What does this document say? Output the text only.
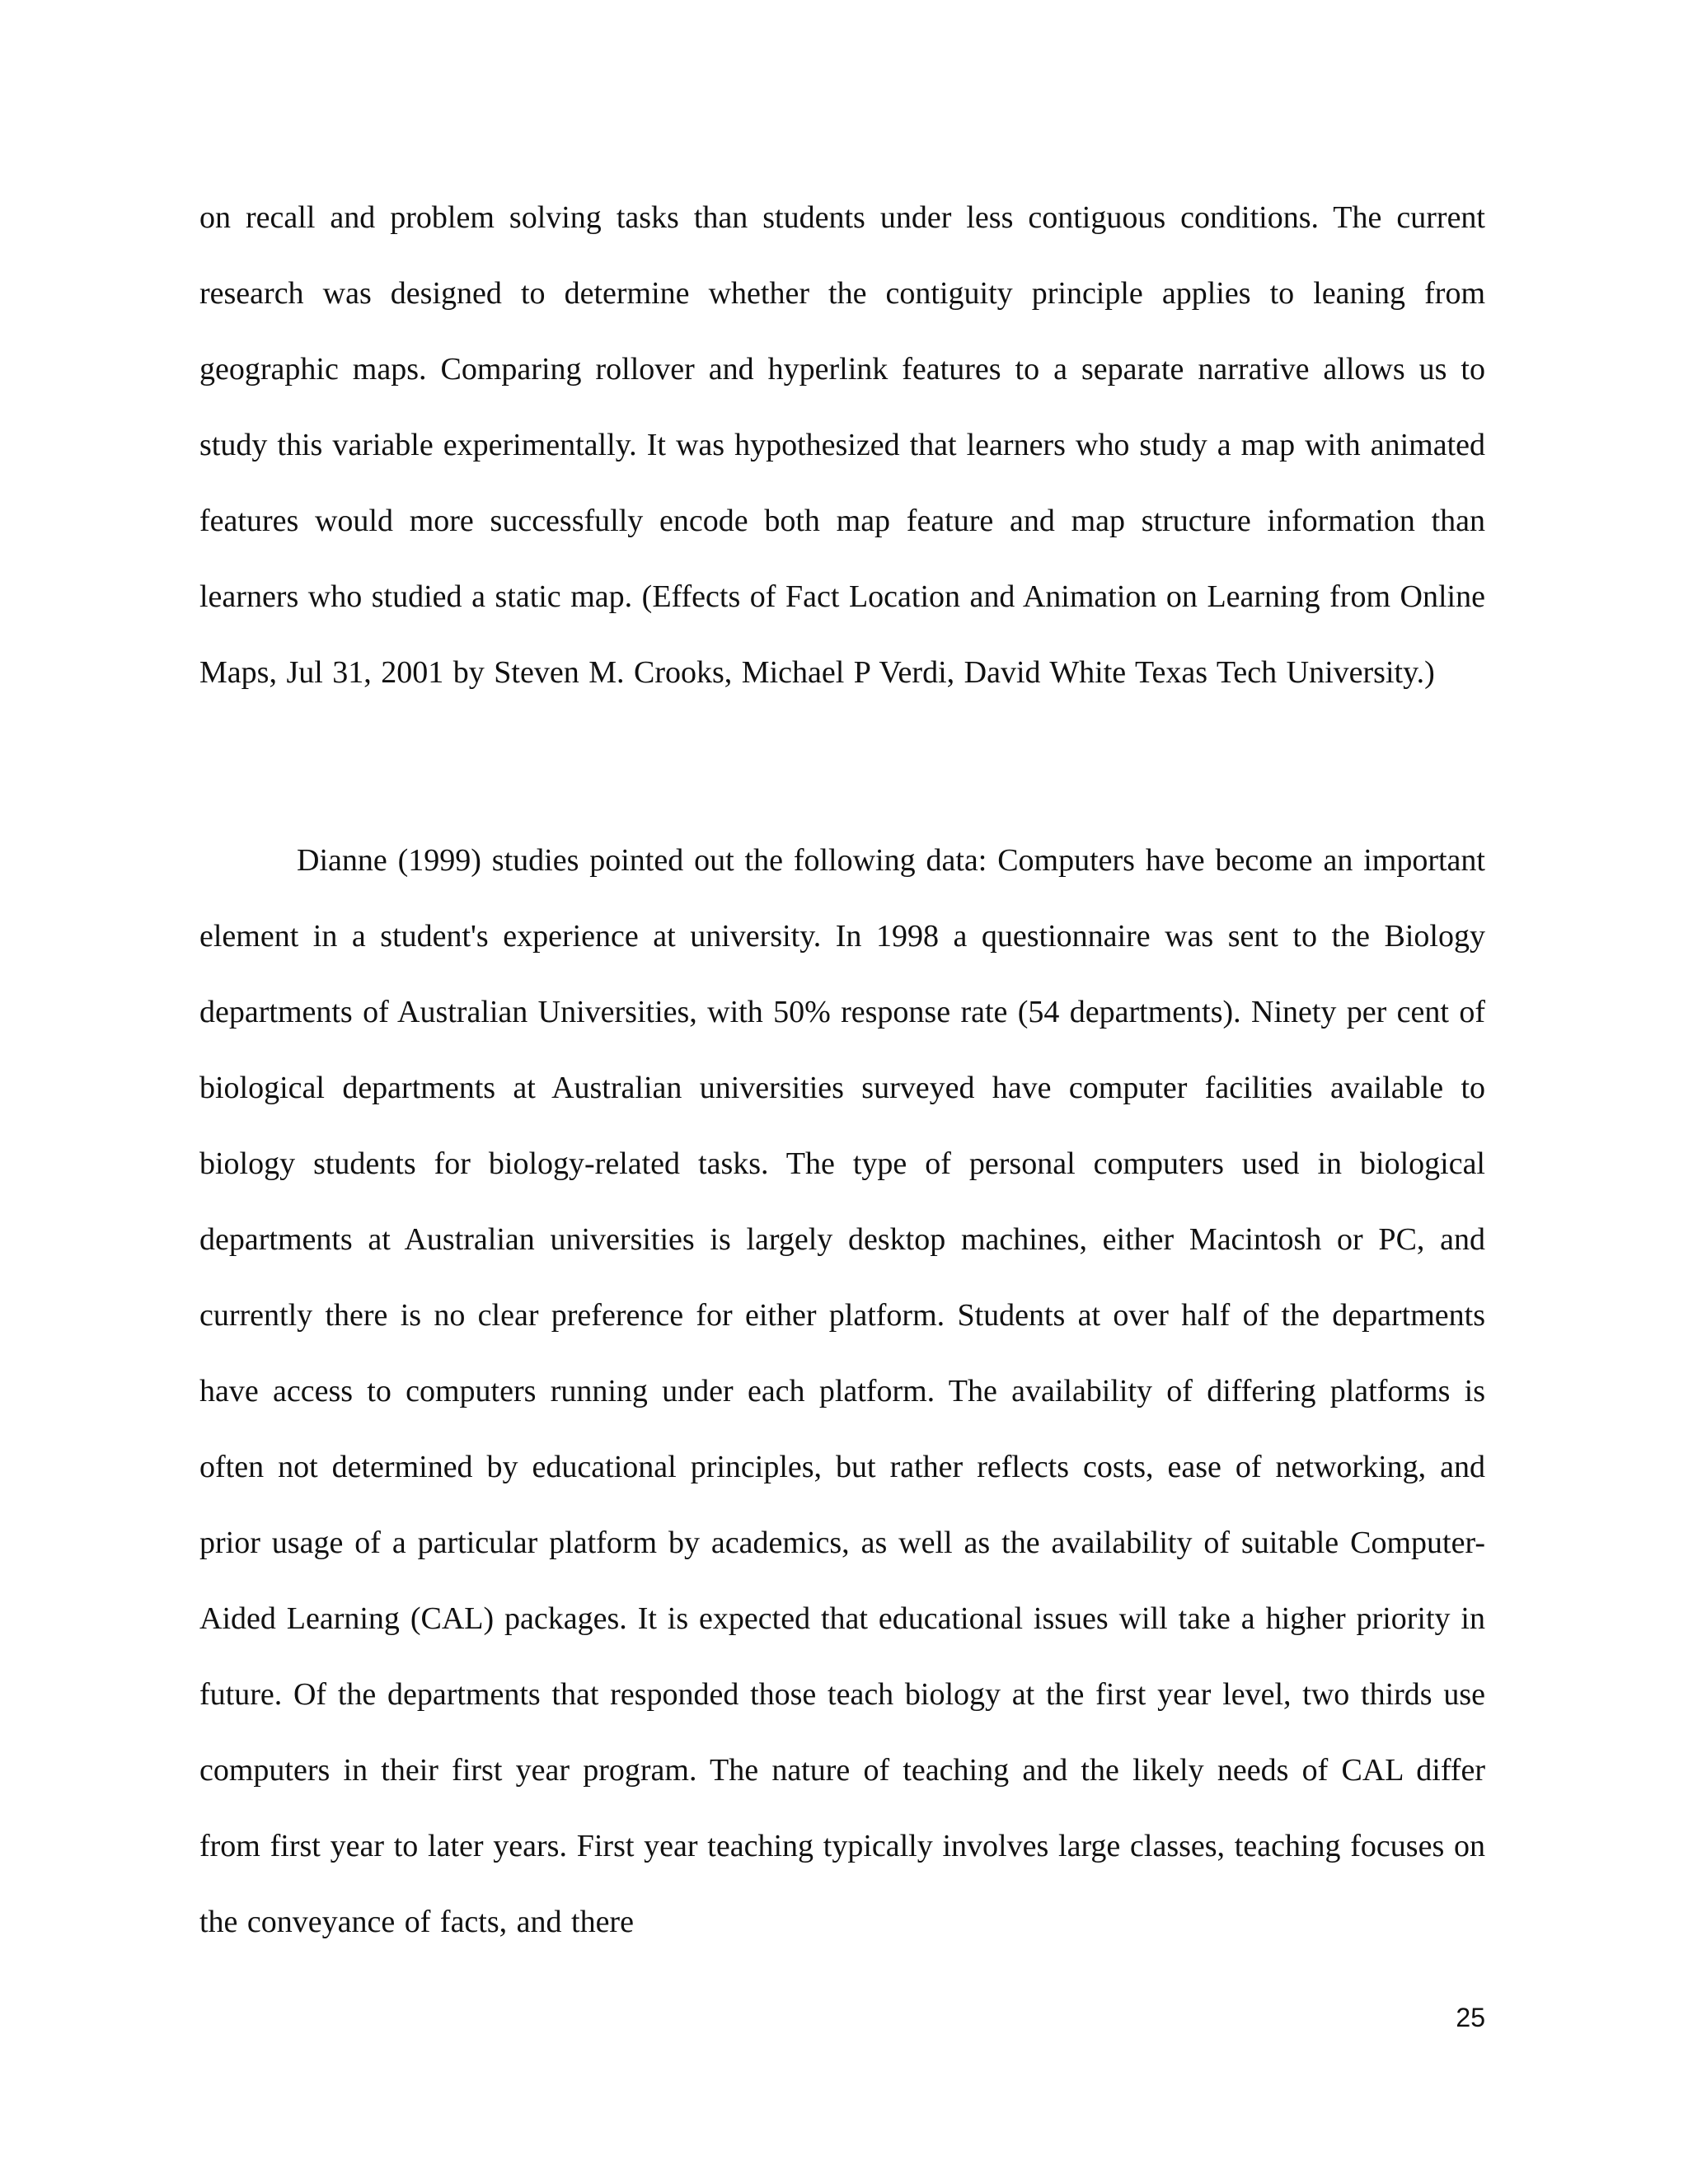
on recall and problem solving tasks than students under less contiguous conditions. The current research was designed to determine whether the contiguity principle applies to leaning from geographic maps. Comparing rollover and hyperlink features to a separate narrative allows us to study this variable experimentally. It was hypothesized that learners who study a map with animated features would more successfully encode both map feature and map structure information than learners who studied a static map. (Effects of Fact Location and Animation on Learning from Online Maps, Jul 31, 2001 by Steven M. Crooks, Michael P Verdi, David White Texas Tech University.)

Dianne (1999) studies pointed out the following data: Computers have become an important element in a student's experience at university. In 1998 a questionnaire was sent to the Biology departments of Australian Universities, with 50% response rate (54 departments). Ninety per cent of biological departments at Australian universities surveyed have computer facilities available to biology students for biology-related tasks. The type of personal computers used in biological departments at Australian universities is largely desktop machines, either Macintosh or PC, and currently there is no clear preference for either platform. Students at over half of the departments have access to computers running under each platform. The availability of differing platforms is often not determined by educational principles, but rather reflects costs, ease of networking, and prior usage of a particular platform by academics, as well as the availability of suitable Computer-Aided Learning (CAL) packages. It is expected that educational issues will take a higher priority in future. Of the departments that responded those teach biology at the first year level, two thirds use computers in their first year program. The nature of teaching and the likely needs of CAL differ from first year to later years. First year teaching typically involves large classes, teaching focuses on the conveyance of facts, and there

25
